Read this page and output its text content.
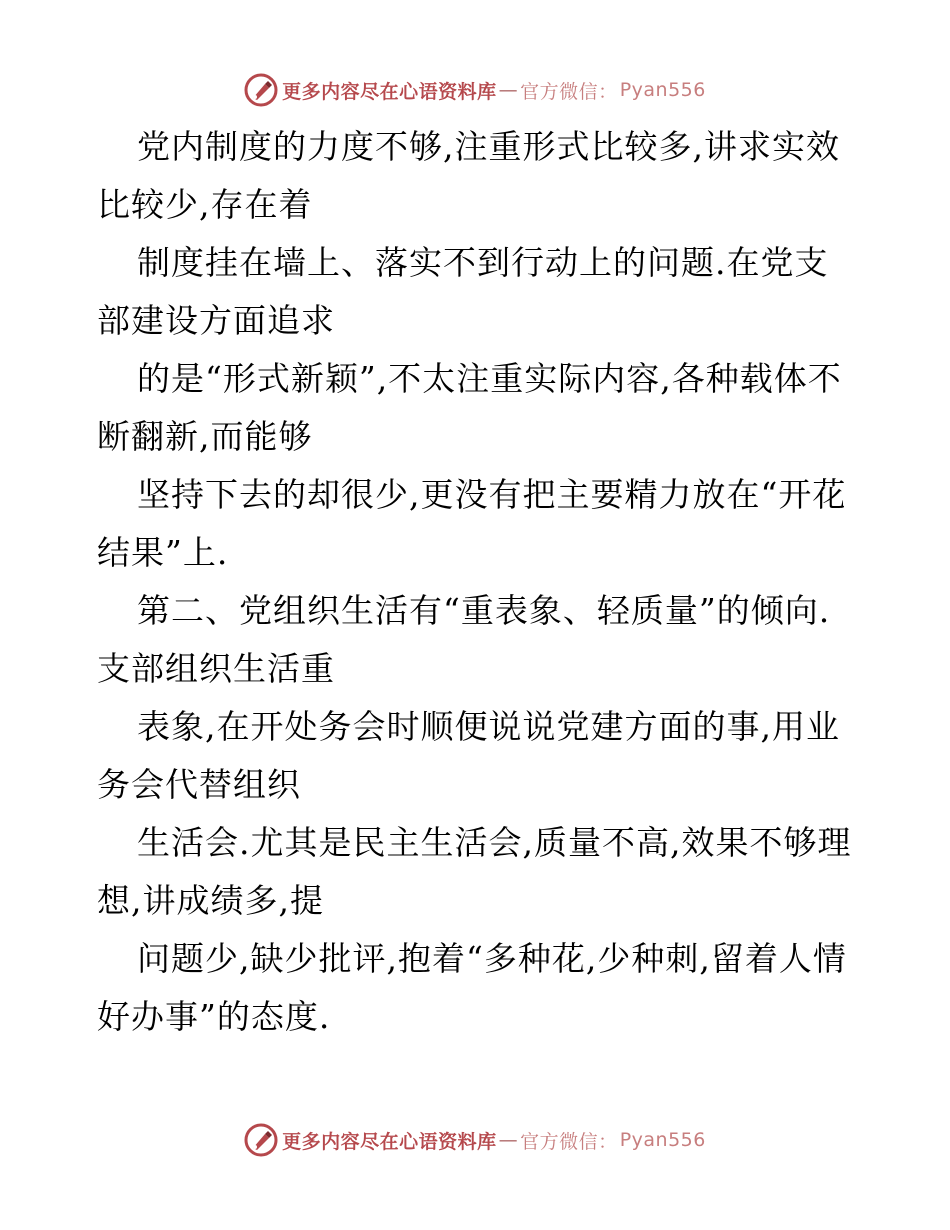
更多内容尽在心语资料库 — 官方微信： Pyan556

党内制度的力度不够,注重形式比较多,讲求实效比较少,存在着

制度挂在墙上、落实不到行动上的问题.在党支部建设方面追求

的是“形式新颖”,不太注重实际内容,各种载体不断翻新,而能够

坚持下去的却很少,更没有把主要精力放在“开花结果”上.

第二、党组织生活有“重表象、轻质量”的倾向.支部组织生活重

表象,在开处务会时顺便说说党建方面的事,用业务会代替组织

生活会.尤其是民主生活会,质量不高,效果不够理想,讲成绩多,提

问题少,缺少批评,抱着“多种花,少种刺,留着人情好办事”的态度.

更多内容尽在心语资料库 — 官方微信： Pyan556
